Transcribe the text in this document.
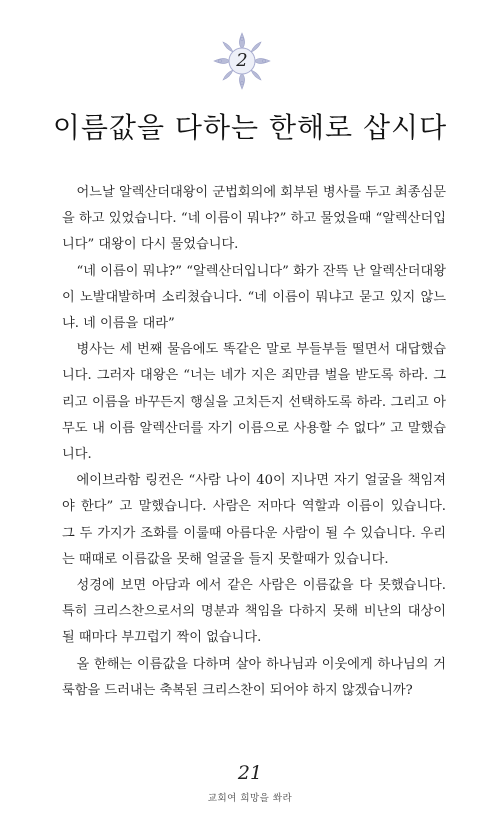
2
이름값을 다하는 한해로 삽시다

어느날 알렉산더대왕이 군법회의에 회부된 병사를 두고 최종심문을 하고 있었습니다. “네 이름이 뭐냐?” 하고 물었을때 “알렉산더입니다” 대왕이 다시 물었습니다.

“네 이름이 뭐냐?” “알렉산더입니다” 화가 잔뜩 난 알렉산더대왕이 노발대발하며 소리쳤습니다. “네 이름이 뭐냐고 묻고 있지 않느냐. 네 이름을 대라”

병사는 세 번째 물음에도 똑같은 말로 부들부들 떨면서 대답했습니다. 그러자 대왕은 “너는 네가 지은 죄만큼 벌을 받도록 하라. 그리고 이름을 바꾸든지 행실을 고치든지 선택하도록 하라. 그리고 아무도 내 이름 알렉산더를 자기 이름으로 사용할 수 없다” 고 말했습니다.

에이브라함 링컨은 “사람 나이 40이 지나면 자기 얼굴을 책임져야 한다” 고 말했습니다. 사람은 저마다 역할과 이름이 있습니다. 그 두 가지가 조화를 이룰때 아름다운 사람이 될 수 있습니다. 우리는 때때로 이름값을 못해 얼굴을 들지 못할때가 있습니다.

성경에 보면 아담과 에서 같은 사람은 이름값을 다 못했습니다. 특히 크리스찬으로서의 명분과 책임을 다하지 못해 비난의 대상이 될 때마다 부끄럽기 짝이 없습니다.

올 한해는 이름값을 다하며 살아 하나님과 이웃에게 하나님의 거룩함을 드러내는 축복된 크리스찬이 되어야 하지 않겠습니까?

21
교회여 희망을 쏴라
